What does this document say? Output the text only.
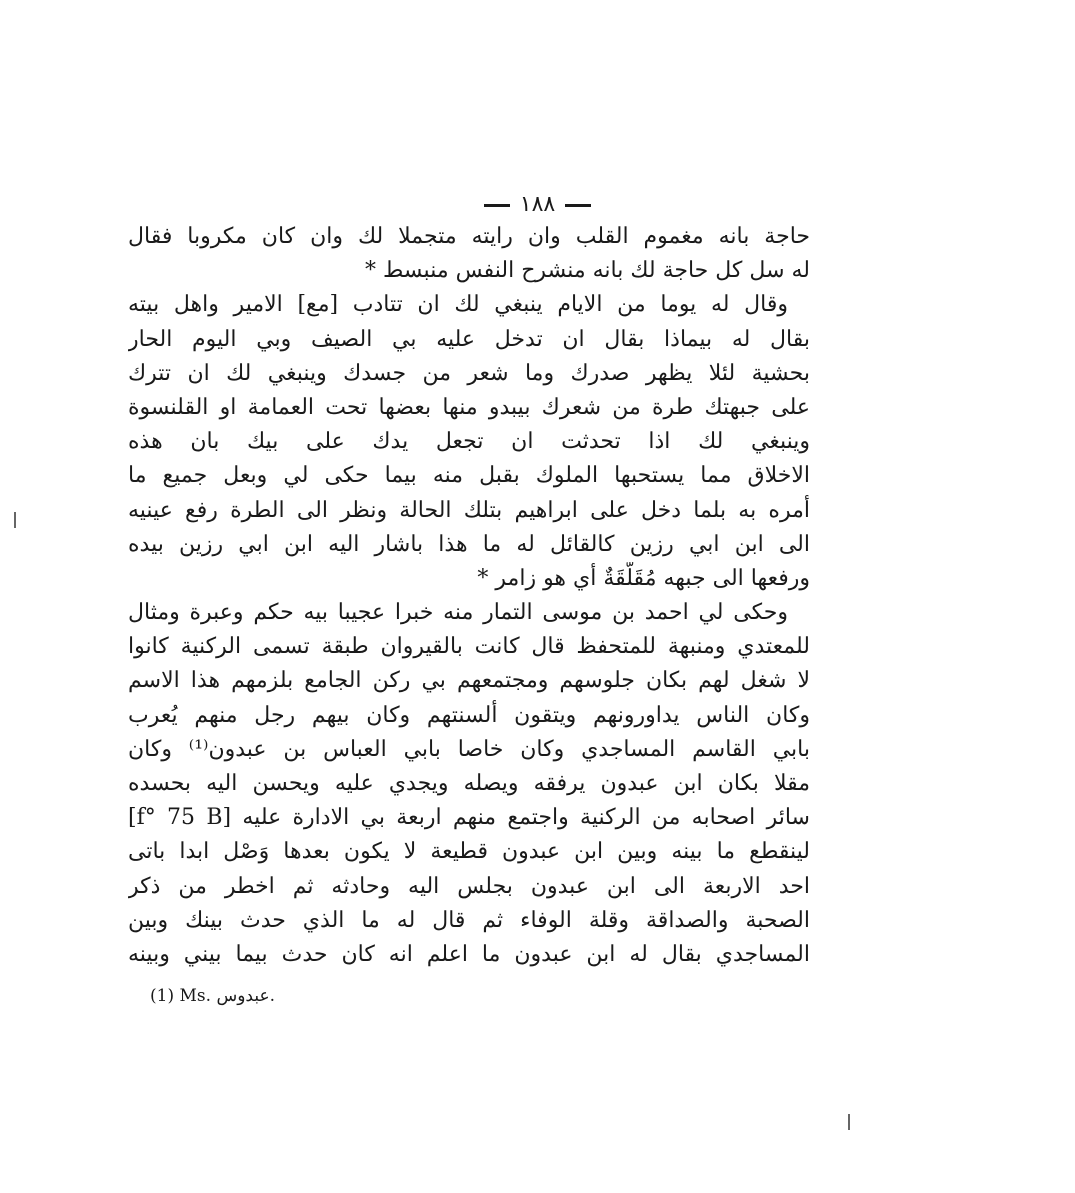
١٨٨
حاجة بانه مغموم القلب وان رايته متجملا لك وان كان مكروبا فقال
له سل كل حاجة لك بانه منشرح النفس منبسط *
وقال له يوما من الايام ينبغي لك ان تتادب [مع] الامير واهل بيته
بقال له بيماذا بقال ان تدخل عليه بي الصيف وبي اليوم الحار
بحشية لئلا يظهر صدرك وما شعر من جسدك وينبغي لك ان تترك
على جبهتك طرة من شعرك بيبدو منها بعضها تحت العمامة او القلنسوة
وينبغي لك اذا تحدثت ان تجعل يدك على بيك بان هذه
الاخلاق مما يستحبها الملوك بقبل منه بيما حكى لي وبعل جميع ما
أمره به بلما دخل على ابراهيم بتلك الحالة ونظر الى الطرة رفع عينيه
الى ابن ابي رزين كالقائل له ما هذا باشار اليه ابن ابي رزين بيده
ورفعها الى جبهه مُقَلَّقَةٌ أي هو زامر *
وحكى لي احمد بن موسى التمار منه خبرا عجيبا بيه حكم وعبرة ومثال
للمعتدي ومنبهة للمتحفظ قال كانت بالقيروان طبقة تسمى الركنية كانوا
لا شغل لهم بكان جلوسهم ومجتمعهم بي ركن الجامع بلزمهم هذا الاسم
وكان الناس يداورونهم ويتقون ألسنتهم وكان بيهم رجل منهم يُعرب
بابي القاسم المساجدي وكان خاصا بابي العباس بن عبدون⁽¹⁾ وكان
مقلا بكان ابن عبدون يرفقه ويصله ويجدي عليه ويحسن اليه بحسده
سائر اصحابه من الركنية واجتمع منهم اربعة بي الادارة عليه [f° 75 B]
لينقطع ما بينه وبين ابن عبدون قطيعة لا يكون بعدها وَصْل ابدا باتى
احد الاربعة الى ابن عبدون بجلس اليه وحادثه ثم اخطر من ذكر
الصحبة والصداقة وقلة الوفاء ثم قال له ما الذي حدث بينك وبين
المساجدي بقال له ابن عبدون ما اعلم انه كان حدث بيما بيني وبينه
(1) Ms. عبدوس.
